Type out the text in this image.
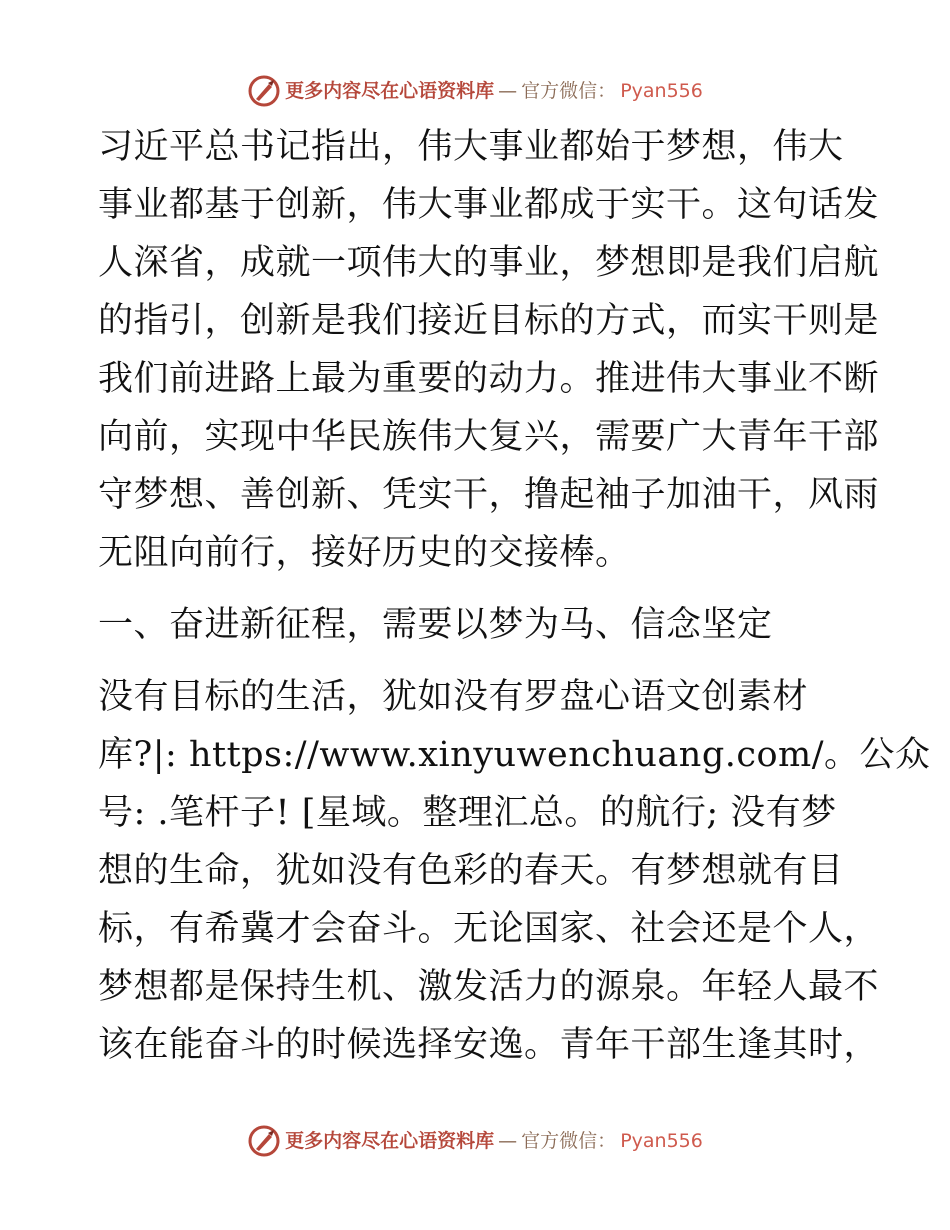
更多内容尽在心语资料库 — 官方微信： Pyan556
习近平总书记指出，伟大事业都始于梦想，伟大
事业都基于创新，伟大事业都成于实干。这句话发
人深省，成就一项伟大的事业，梦想即是我们启航
的指引，创新是我们接近目标的方式，而实干则是
我们前进路上最为重要的动力。推进伟大事业不断
向前，实现中华民族伟大复兴，需要广大青年干部
守梦想、善创新、凭实干，撸起袖子加油干，风雨
无阻向前行，接好历史的交接棒。
一、奋进新征程，需要以梦为马、信念坚定
没有目标的生活，犹如没有罗盘心语文创素材
库?|: https://www.xinyuwenchuang.com/。公众
号: .笔杆子! [星域。整理汇总。的航行; 没有梦
想的生命，犹如没有色彩的春天。有梦想就有目
标，有希冀才会奋斗。无论国家、社会还是个人，
梦想都是保持生机、激发活力的源泉。年轻人最不
该在能奋斗的时候选择安逸。青年干部生逢其时，
更多内容尽在心语资料库 — 官方微信： Pyan556
